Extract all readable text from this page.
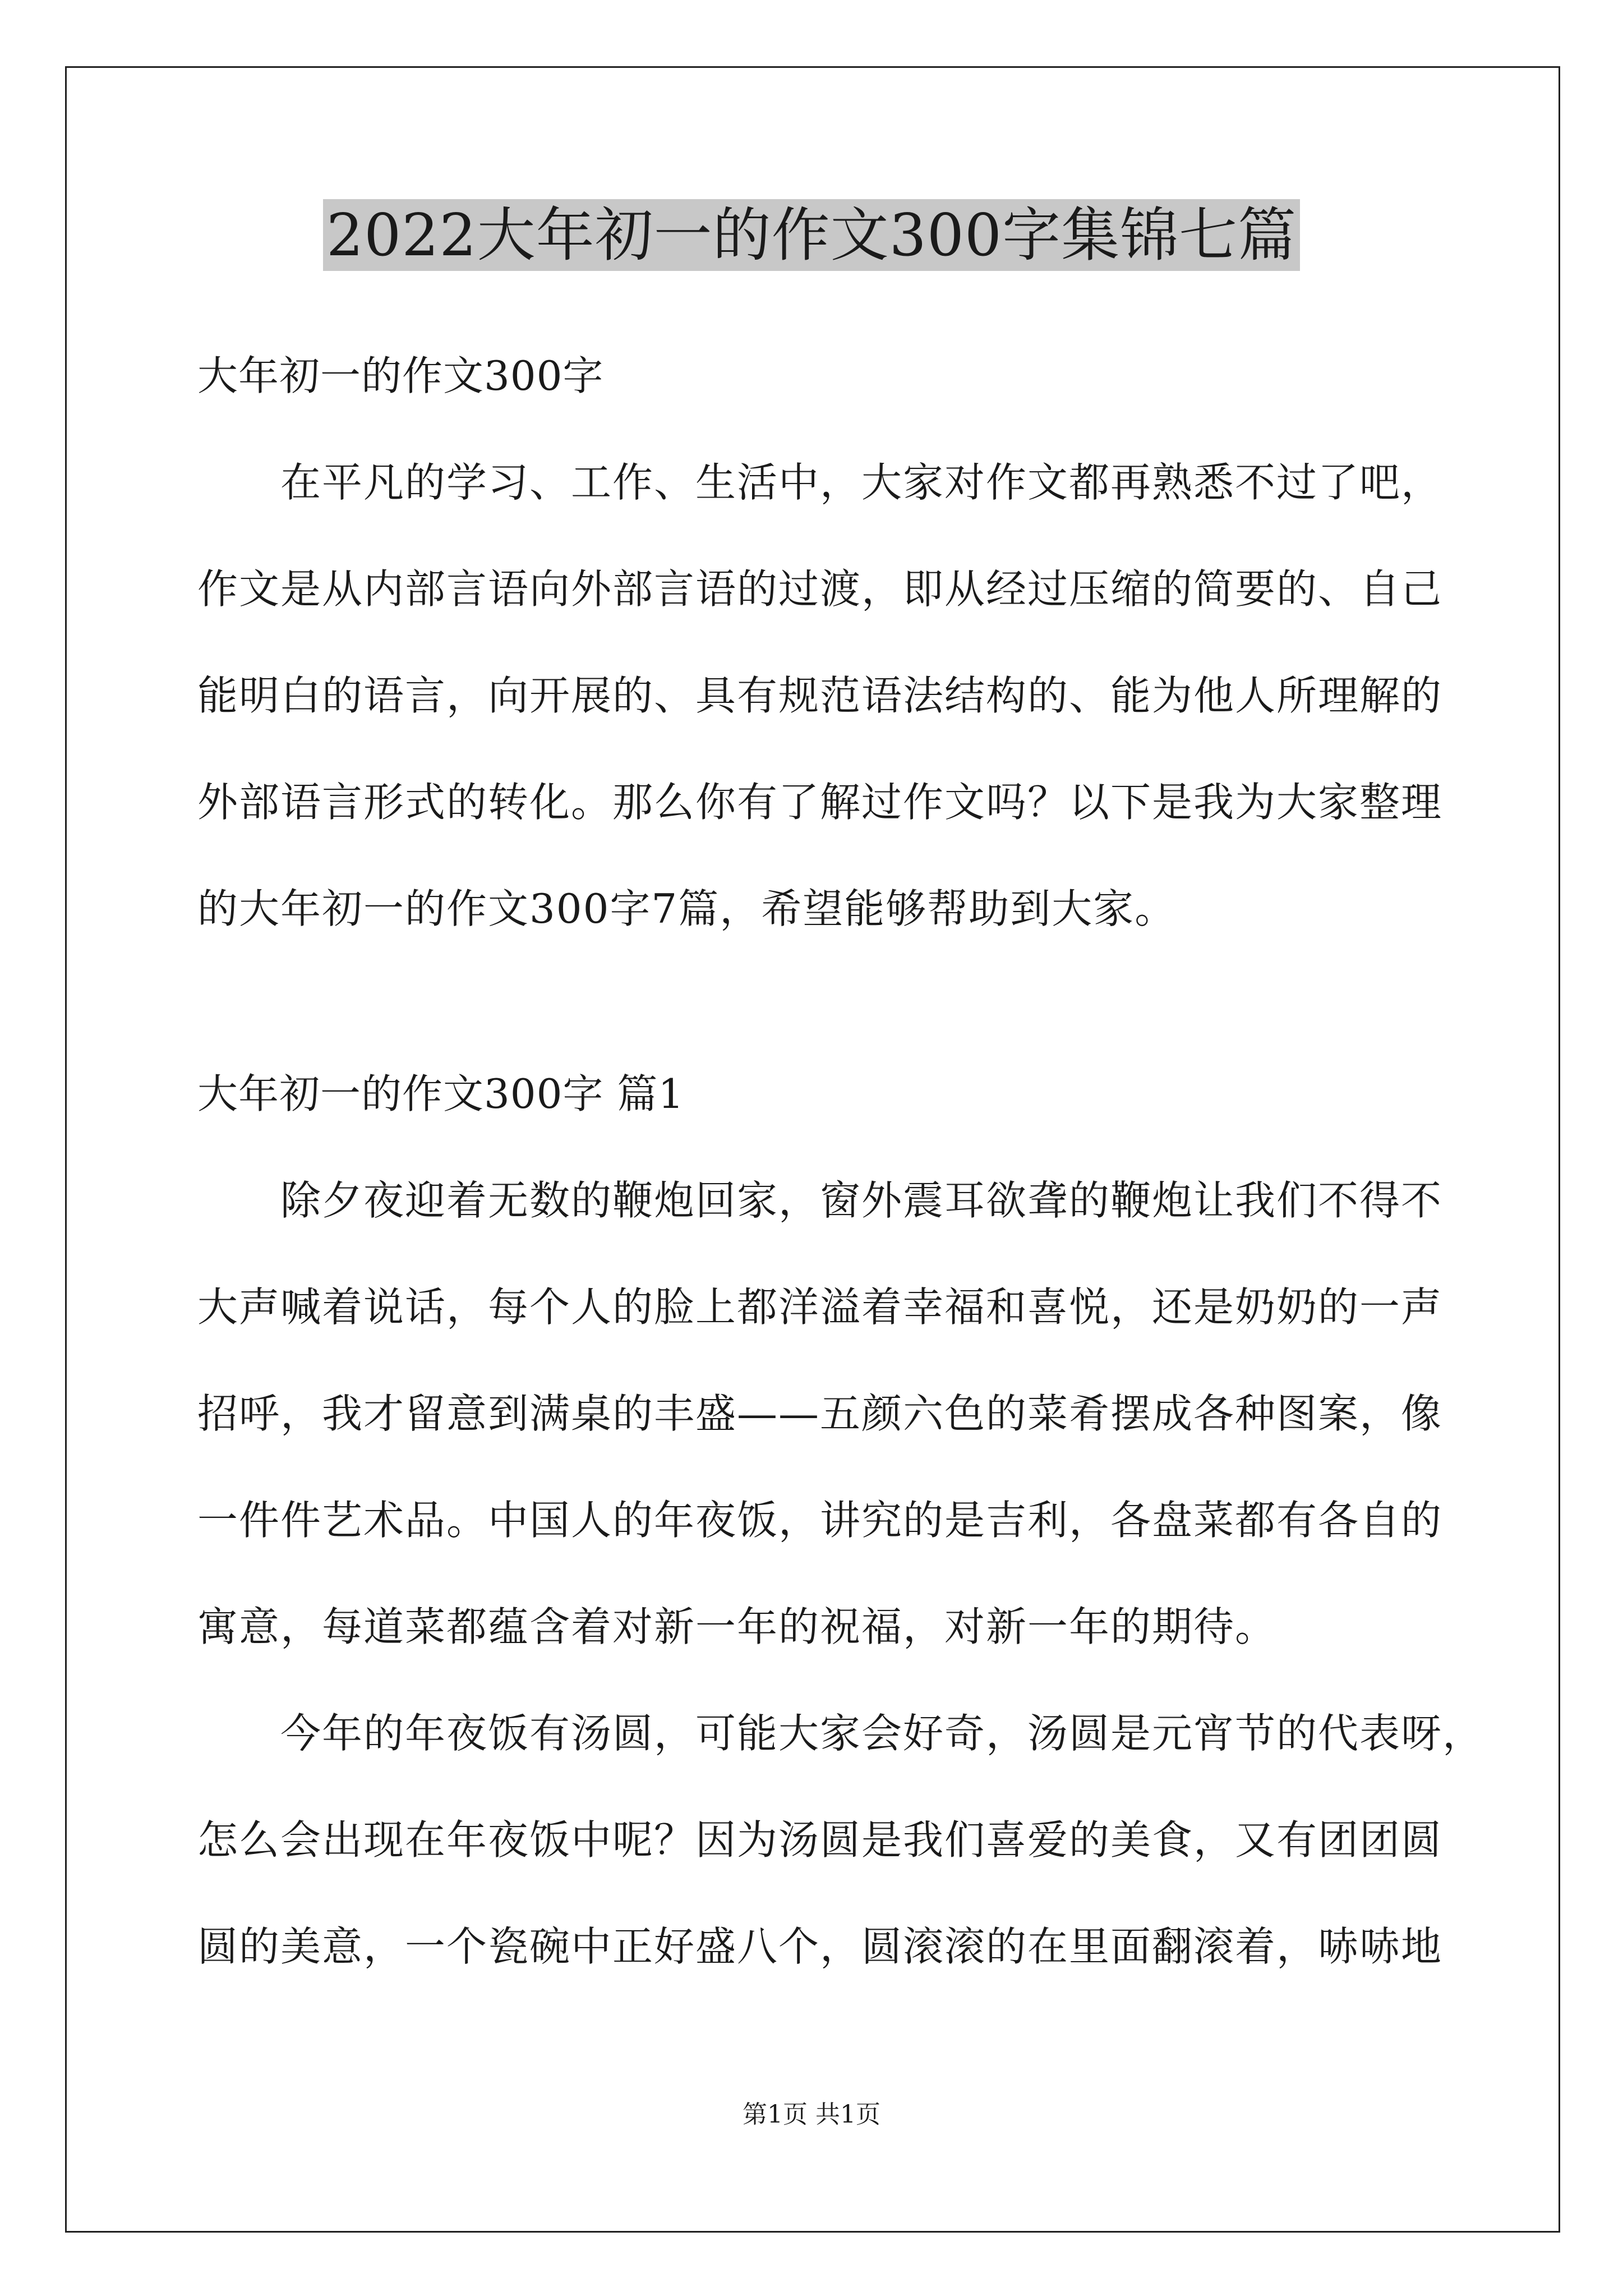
2022大年初一的作文300字集锦七篇
大年初一的作文300字
在平凡的学习、工作、生活中，大家对作文都再熟悉不过了吧，
作文是从内部言语向外部言语的过渡，即从经过压缩的简要的、自己
能明白的语言，向开展的、具有规范语法结构的、能为他人所理解的
外部语言形式的转化。那么你有了解过作文吗？以下是我为大家整理
的大年初一的作文300字7篇，希望能够帮助到大家。
大年初一的作文300字 篇1
除夕夜迎着无数的鞭炮回家，窗外震耳欲聋的鞭炮让我们不得不
大声喊着说话，每个人的脸上都洋溢着幸福和喜悦，还是奶奶的一声
招呼，我才留意到满桌的丰盛——五颜六色的菜肴摆成各种图案，像
一件件艺术品。中国人的年夜饭，讲究的是吉利，各盘菜都有各自的
寓意，每道菜都蕴含着对新一年的祝福，对新一年的期待。
今年的年夜饭有汤圆，可能大家会好奇，汤圆是元宵节的代表呀，
怎么会出现在年夜饭中呢？因为汤圆是我们喜爱的美食，又有团团圆
圆的美意，一个瓷碗中正好盛八个，圆滚滚的在里面翻滚着，哧哧地
第1页 共1页
